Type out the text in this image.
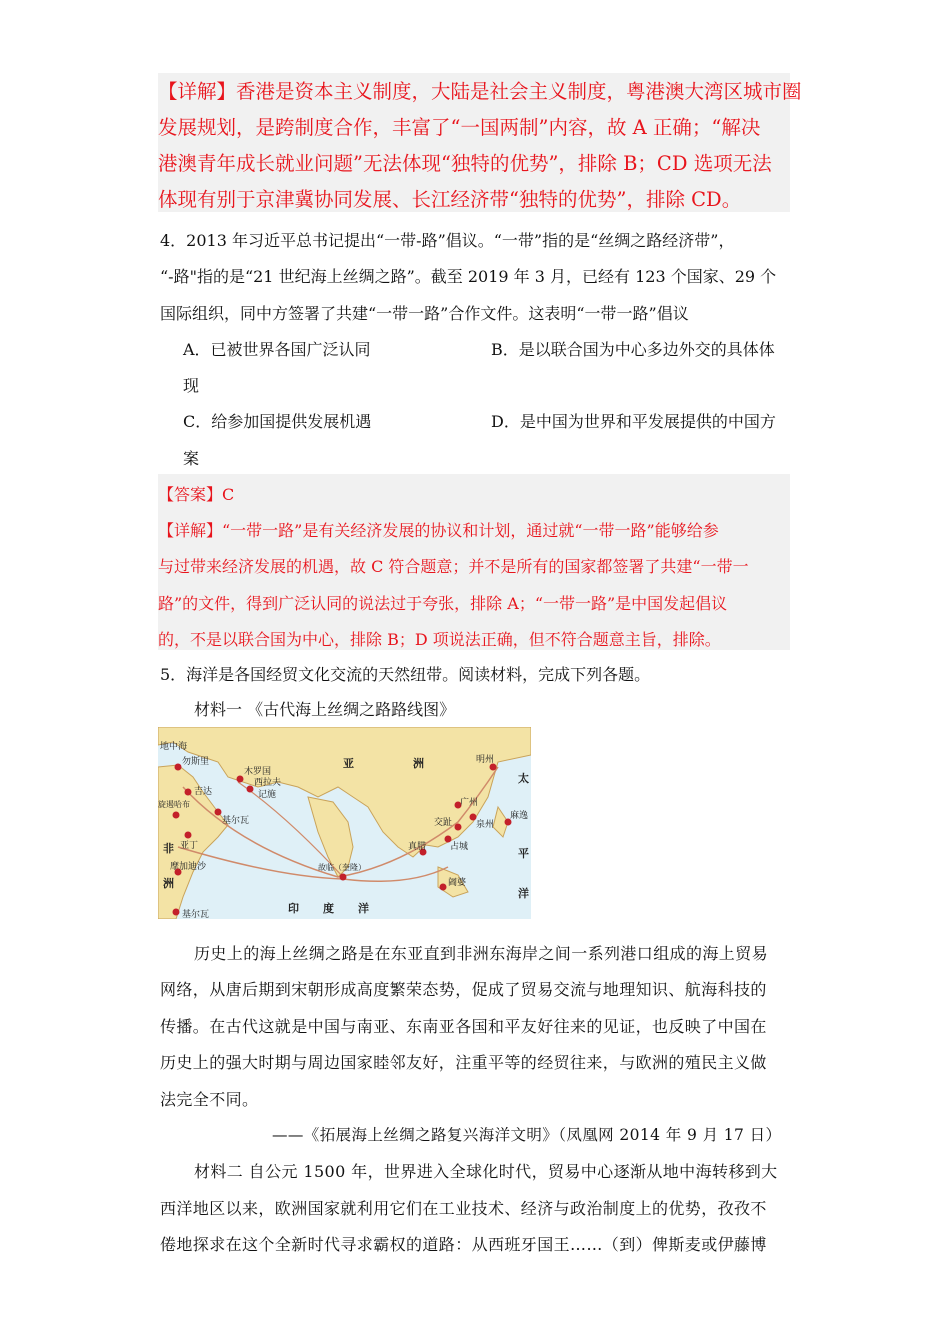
【详解】香港是资本主义制度，大陆是社会主义制度，粤港澳大湾区城市圈
发展规划，是跨制度合作，丰富了“一国两制”内容，故 A 正确；“解决
港澳青年成长就业问题”无法体现“独特的优势”，排除 B；CD 选项无法
体现有别于京津冀协同发展、长江经济带“独特的优势”，排除 CD。
4．2013 年习近平总书记提出“一带-路”倡议。“一带”指的是“丝绸之路经济带”，
“-路"指的是“21 世纪海上丝绸之路”。截至 2019 年 3 月，已经有 123 个国家、29 个
国际组织，同中方签署了共建“一带一路”合作文件。这表明“一带一路”倡议
A．已被世界各国广泛认同	B．是以联合国为中心多边外交的具体体
现
C．给参加国提供发展机遇	D．是中国为世界和平发展提供的中国方
案
【答案】C
【详解】“一带一路”是有关经济发展的协议和计划，通过就“一带一路”能够给参
与过带来经济发展的机遇，故 C 符合题意；并不是所有的国家都签署了共建“一带一
路”的文件，得到广泛认同的说法过于夸张，排除 A；“一带一路”是中国发起倡议
的，不是以联合国为中心，排除 B；D 项说法正确，但不符合题意主旨，排除。
5．海洋是各国经贸文化交流的天然纽带。阅读材料，完成下列各题。
材料一 《古代海上丝绸之路路线图》
地中海
亚	洲
非
洲
印 度 洋
太
平
洋
勿斯里
吉达
旋遏哈布
基尔瓦
木罗国
西拉夫
记施
亚丁
摩加迪沙
基尔瓦
故临（奎隆）
真腊	占城
交趾
广州
泉州
明州
麻逸
阇婆
历史上的海上丝绸之路是在东亚直到非洲东海岸之间一系列港口组成的海上贸易
网络，从唐后期到宋朝形成高度繁荣态势，促成了贸易交流与地理知识、航海科技的
传播。在古代这就是中国与南亚、东南亚各国和平友好往来的见证，也反映了中国在
历史上的强大时期与周边国家睦邻友好，注重平等的经贸往来，与欧洲的殖民主义做
法完全不同。
——《拓展海上丝绸之路复兴海洋文明》（凤凰网 2014 年 9 月 17 日）
材料二 自公元 1500 年，世界进入全球化时代，贸易中心逐渐从地中海转移到大
西洋地区以来，欧洲国家就利用它们在工业技术、经济与政治制度上的优势，孜孜不
倦地探求在这个全新时代寻求霸权的道路：从西班牙国王……（到）俾斯麦或伊藤博
